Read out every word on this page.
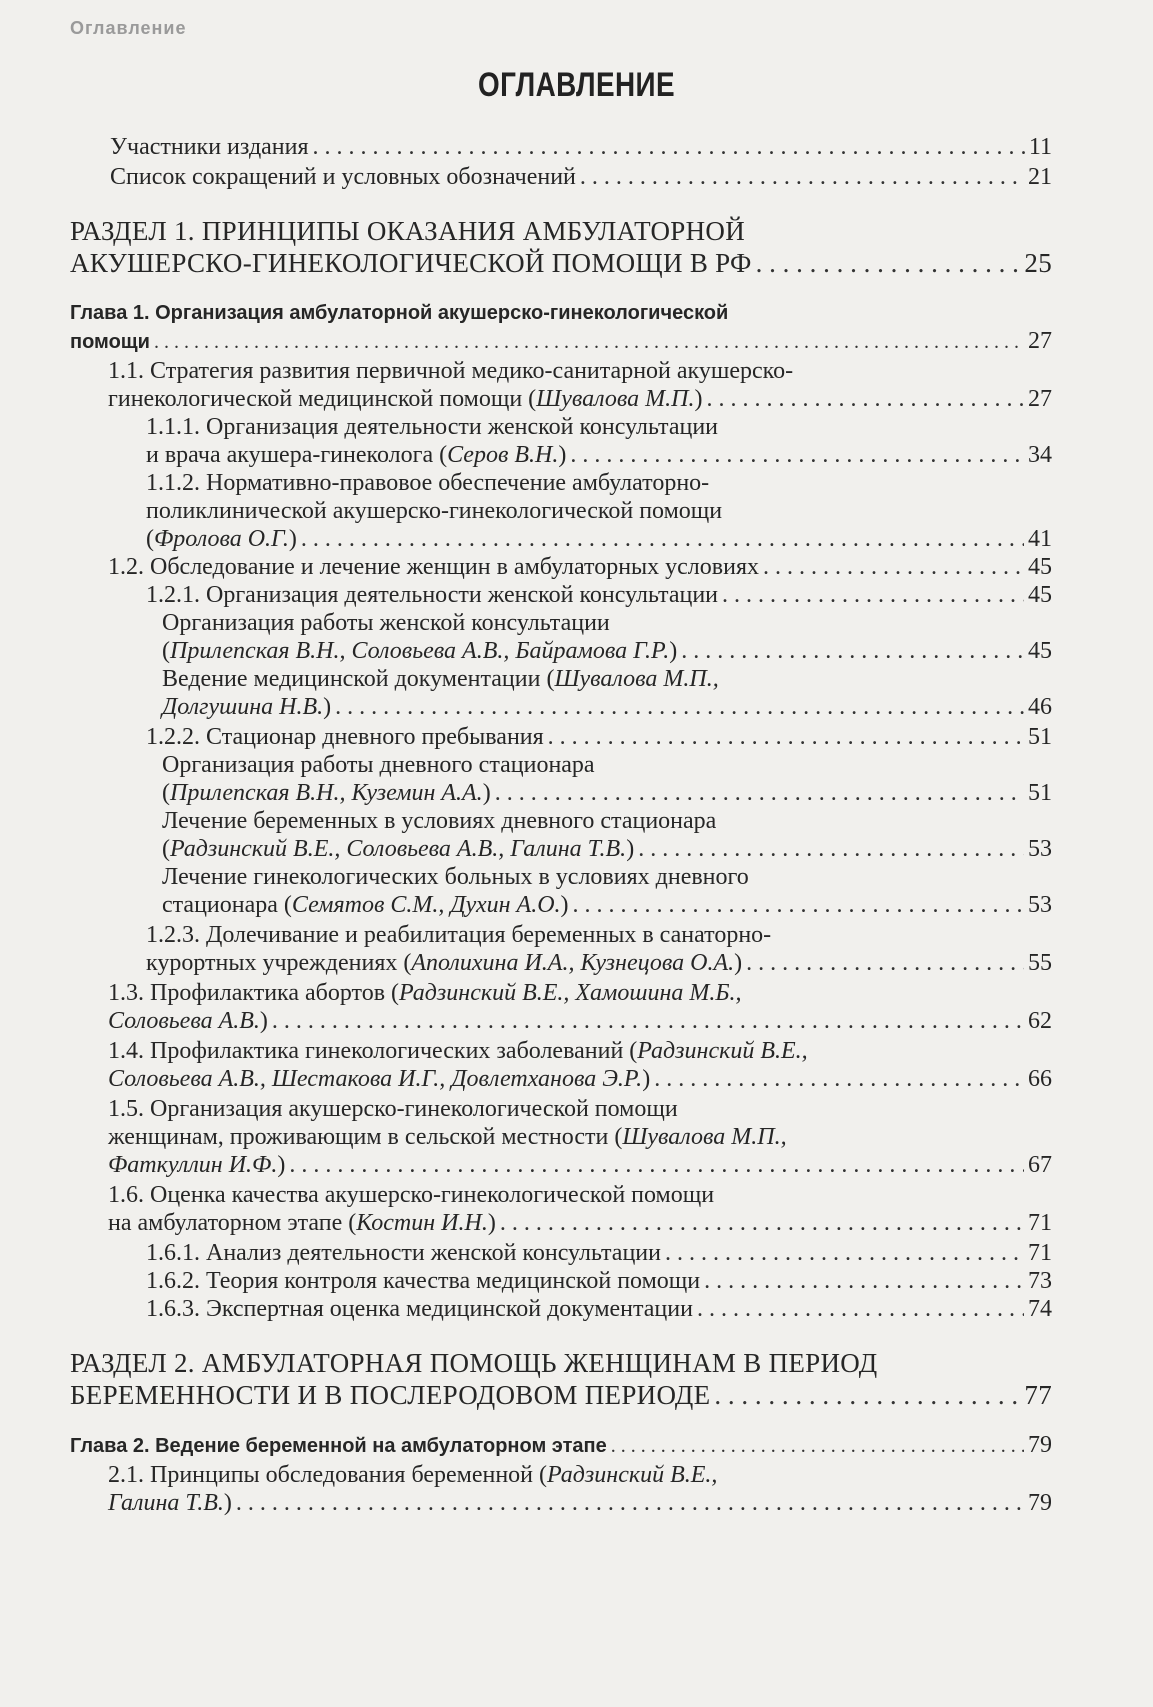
Оглавление
ОГЛАВЛЕНИЕ
Участники издания . . .	11
Список сокращений и условных обозначений . . .	21
РАЗДЕЛ 1. ПРИНЦИПЫ ОКАЗАНИЯ АМБУЛАТОРНОЙ
АКУШЕРСКО-ГИНЕКОЛОГИЧЕСКОЙ ПОМОЩИ В РФ . . .	25
Глава 1. Организация амбулаторной акушерско-гинекологической
помощи . . .	27
1.1. Стратегия развития первичной медико-санитарной акушерско-
гинекологической медицинской помощи (Шувалова М.П.) . . .	27
1.1.1. Организация деятельности женской консультации
и врача акушера-гинеколога (Серов В.Н.) . . .	34
1.1.2. Нормативно-правовое обеспечение амбулаторно-
поликлинической акушерско-гинекологической помощи
(Фролова О.Г.) . . .	41
1.2. Обследование и лечение женщин в амбулаторных условиях . . .	45
1.2.1. Организация деятельности женской консультации . . .	45
Организация работы женской консультации
(Прилепская В.Н., Соловьева А.В., Байрамова Г.Р.) . . .	45
Ведение медицинской документации (Шувалова М.П.,
Долгушина Н.В.) . . .	46
1.2.2. Стационар дневного пребывания . . .	51
Организация работы дневного стационара
(Прилепская В.Н., Куземин А.А.) . . .	51
Лечение беременных в условиях дневного стационара
(Радзинский В.Е., Соловьева А.В., Галина Т.В.) . . .	53
Лечение гинекологических больных в условиях дневного
стационара (Семятов С.М., Духин А.О.) . . .	53
1.2.3. Долечивание и реабилитация беременных в санаторно-
курортных учреждениях (Аполихина И.А., Кузнецова О.А.) . . .	55
1.3. Профилактика абортов (Радзинский В.Е., Хамошина М.Б.,
Соловьева А.В.) . . .	62
1.4. Профилактика гинекологических заболеваний (Радзинский В.Е.,
Соловьева А.В., Шестакова И.Г., Довлетханова Э.Р.) . . .	66
1.5. Организация акушерско-гинекологической помощи
женщинам, проживающим в сельской местности (Шувалова М.П.,
Фаткуллин И.Ф.) . . .	67
1.6. Оценка качества акушерско-гинекологической помощи
на амбулаторном этапе (Костин И.Н.) . . .	71
1.6.1. Анализ деятельности женской консультации . . .	71
1.6.2. Теория контроля качества медицинской помощи . . .	73
1.6.3. Экспертная оценка медицинской документации . . .	74
РАЗДЕЛ 2. АМБУЛАТОРНАЯ ПОМОЩЬ ЖЕНЩИНАМ В ПЕРИОД
БЕРЕМЕННОСТИ И В ПОСЛЕРОДОВОМ ПЕРИОДЕ . . .	77
Глава 2. Ведение беременной на амбулаторном этапе . . .	79
2.1. Принципы обследования беременной (Радзинский В.Е.,
Галина Т.В.) . . .	79
